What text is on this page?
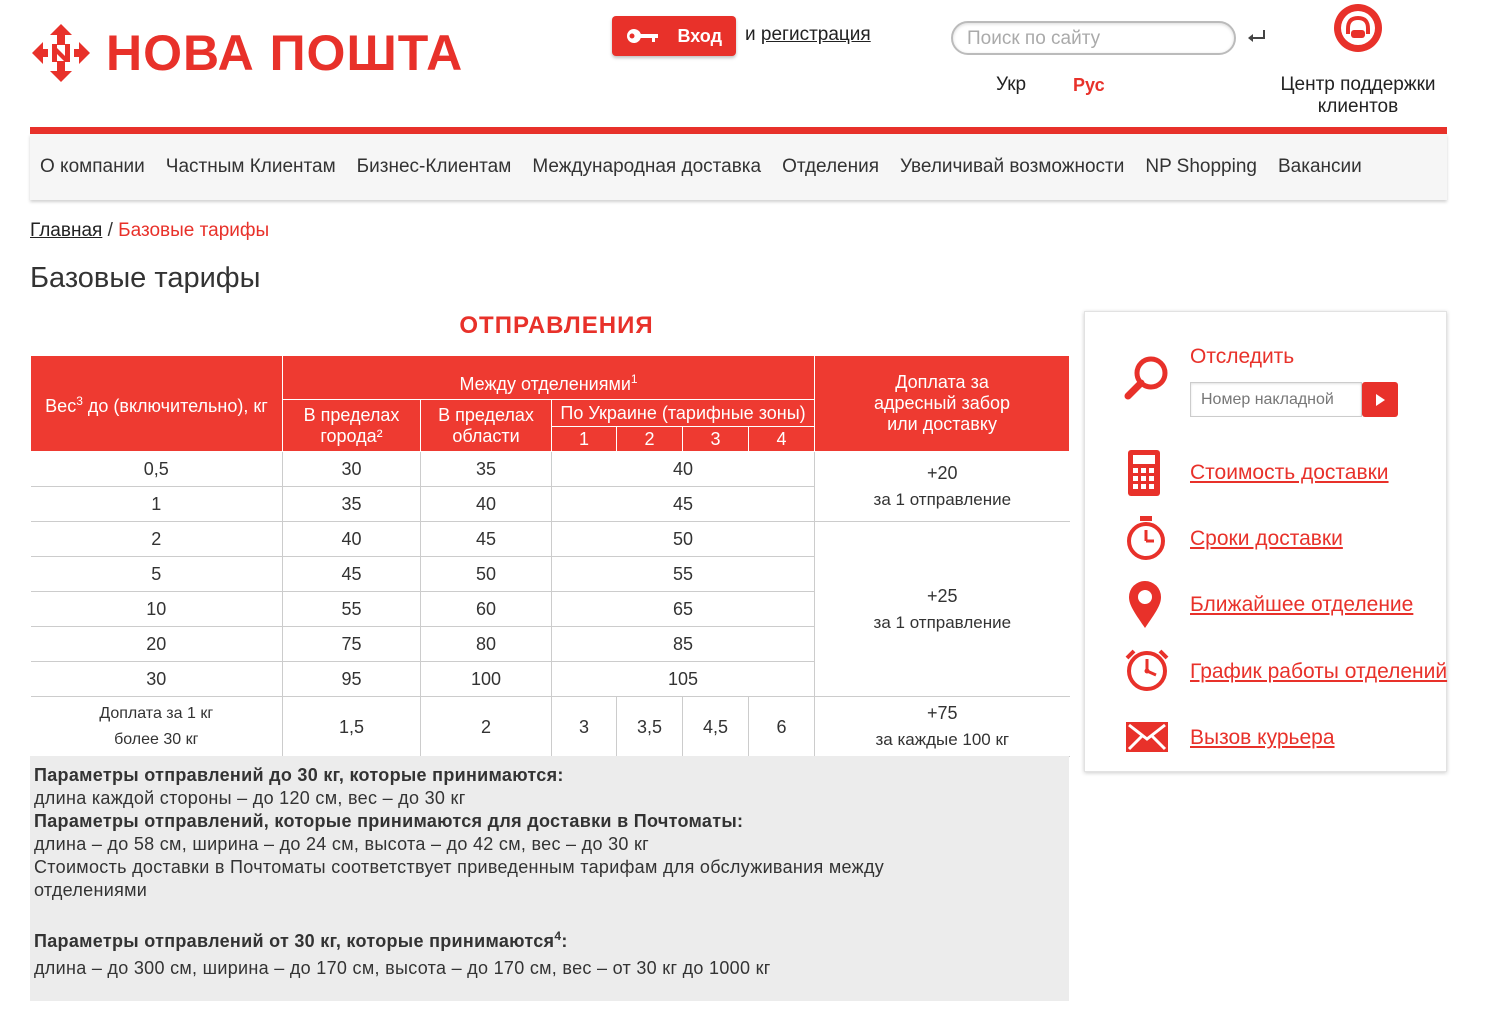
НОВА ПОШТА	Вход и регистрация	Поиск по сайту
Укр	Рус	Центр поддержки клиентов
О компании Частным Клиентам Бизнес-Клиентам Международная доставка Отделения Увеличивай возможности NP Shopping Вакансии
Главная / Базовые тарифы
Базовые тарифы
ОТПРАВЛЕНИЯ
Вес$^3$ до (включительно), кг	Между отделениями$^1$						Доплата за адресный забор или доставку
	В пределах города²	В пределах области	По Украине (тарифные зоны)				
			1	2	3	4	
0,5	30	35	40				+20
за 1 отправление
1	35	40	45				
2	40	45	50				+25
за 1 отправление
5	45	50	55				
10	55	60	65				
20	75	80	85				
30	95	100	105				
Доплата за 1 кг
более 30 кг	1,5	2	3	3,5	4,5	6	+75
за каждые 100 кг
Параметры отправлений до 30 кг, которые принимаются:
длина каждой стороны – до 120 см, вес – до 30 кг
Параметры отправлений, которые принимаются для доставки в Почтоматы:
длина – до 58 см, ширина – до 24 см, высота – до 42 см, вес – до 30 кг
Стоимость доставки в Почтоматы соответствует приведенным тарифам для обслуживания между отделениями
Параметры отправлений от 30 кг, которые принимаются$^4$:
длина – до 300 см, ширина – до 170 см, высота – до 170 см, вес – от 30 кг до 1000 кг
Отследить
Номер накладной
Стоимость доставки
Сроки доставки
Ближайшее отделение
График работы отделений
Вызов курьера
